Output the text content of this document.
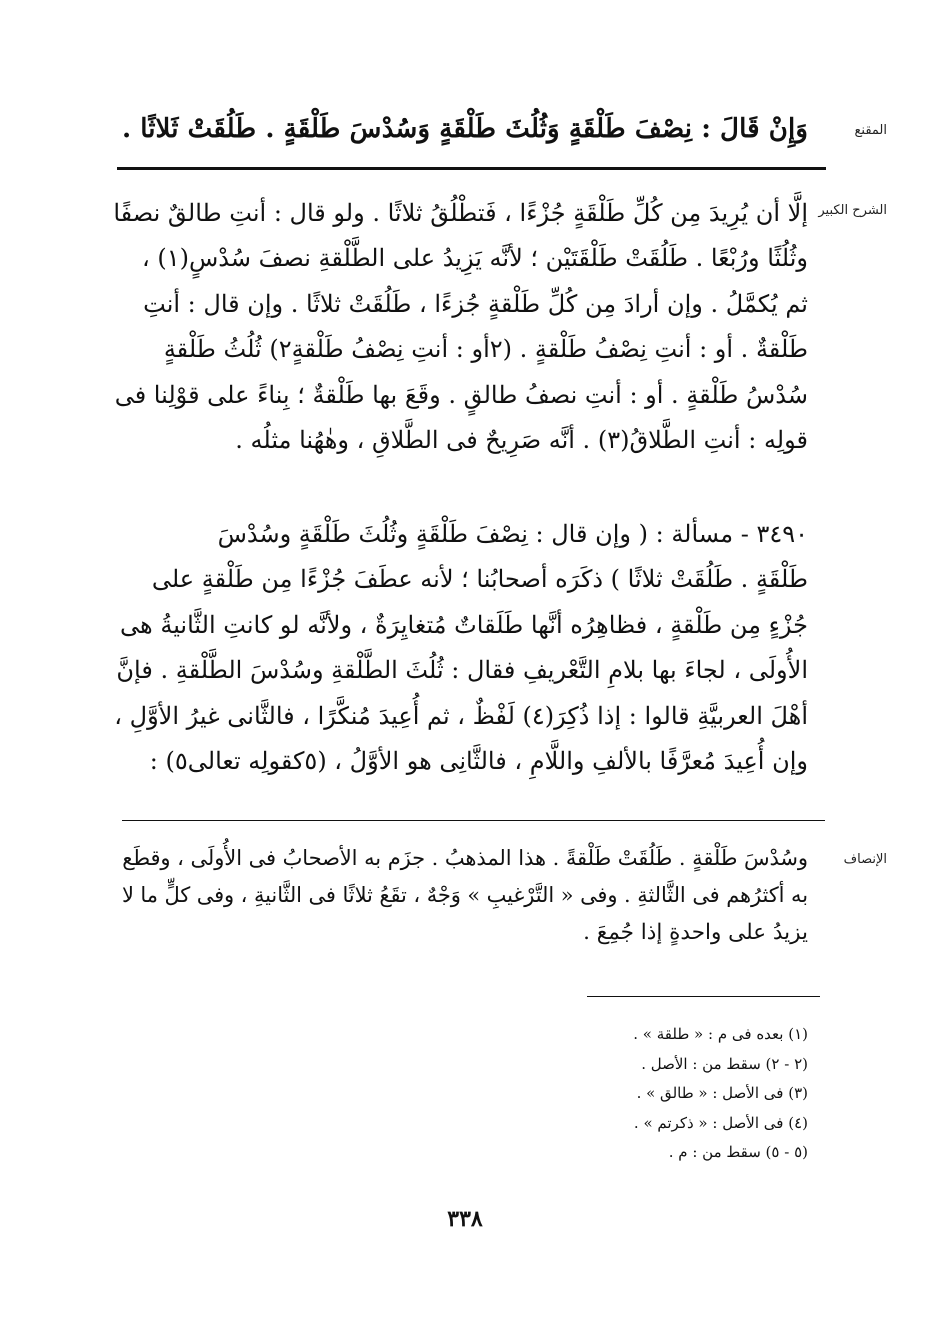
المقنع
وَإِنْ قَالَ : نِصْفَ طَلْقَةٍ وَثُلُثَ طَلْقَةٍ وَسُدْسَ طَلْقَةٍ . طَلُقَتْ ثَلاثًا .
الشرح الكبير
إلَّا أن يُرِيدَ مِن كُلِّ طَلْقَةٍ جُزْءًا ، فَتطْلُقُ ثلاثًا . ولو قال : أنتِ طالقٌ نصفًا
وثُلُثًا ورُبْعًا . طَلُقَتْ طَلْقَتَيْن ؛ لأنَّه يَزِيدُ على الطَّلْقةِ نصفَ سُدْسٍ(١) ،
ثم يُكمَّلُ . وإن أرادَ مِن كُلِّ طَلْقةٍ جُزءًا ، طَلُقَتْ ثلاثًا . وإن قال : أنتِ
طَلْقةٌ . أو : أنتِ نِصْفُ طَلْقةٍ . (٢أو : أنتِ نِصْفُ طَلْقةٍ٢) ثُلُثُ طَلْقةٍ
سُدْسُ طَلْقةٍ . أو : أنتِ نصفُ طالقٍ . وقَعَ بها طَلْقةٌ ؛ بِناءً على قوْلِنا فى
قولِه : أنتِ الطَّلاقُ(٣) . أنَّه صَرِيحٌ فى الطَّلاقِ ، وهٰهُنا مثلُه .
٣٤٩٠ - مسألة : ( وإن قال : نِصْفَ طَلْقَةٍ وثُلُثَ طَلْقَةٍ وسُدْسَ
طَلْقَةٍ . طَلُقَتْ ثلاثًا ) ذكَرَه أصحابُنا ؛ لأنه عطَفَ جُزْءًا مِن طَلْقةٍ على
جُزْءٍ مِن طَلْقةٍ ، فظاهِرُه أنَّها طَلَقاتٌ مُتغايِرَةٌ ، ولأنَّه لو كانتِ الثَّانيةُ هى
الأُولَى ، لجاءَ بها بلامِ التَّعْريفِ فقال : ثُلُثَ الطَّلْقةِ وسُدْسَ الطَّلْقةِ . فإنَّ
أهْلَ العربيَّةِ قالوا : إذا ذُكِرَ(٤) لَفْظٌ ، ثم أُعِيدَ مُنكَّرًا ، فالثَّانى غيرُ الأوَّلِ ،
وإن أُعِيدَ مُعرَّفًا بالألفِ واللَّامِ ، فالثَّانِى هو الأوَّلُ ، (٥كقولِه تعالى٥) :
الإنصاف
وسُدْسَ طَلْقةٍ . طَلُقَتْ طَلْقةً . هذا المذهبُ . جزَم به الأصحابُ فى الأُولَى ، وقطَع
به أكثرُهم فى الثَّالثةِ . وفى « التَّرْغيبِ » وَجْهٌ ، تقَعُ ثلاثًا فى الثَّانيةِ ، وفى كلٍّ ما لا
يزيدُ على واحدةٍ إذا جُمِعَ .
(١) بعده فى م : « طلقة » .
(٢ - ٢) سقط من : الأصل .
(٣) فى الأصل : « طالق » .
(٤) فى الأصل : « ذكرتم » .
(٥ - ٥) سقط من : م .
٣٣٨
